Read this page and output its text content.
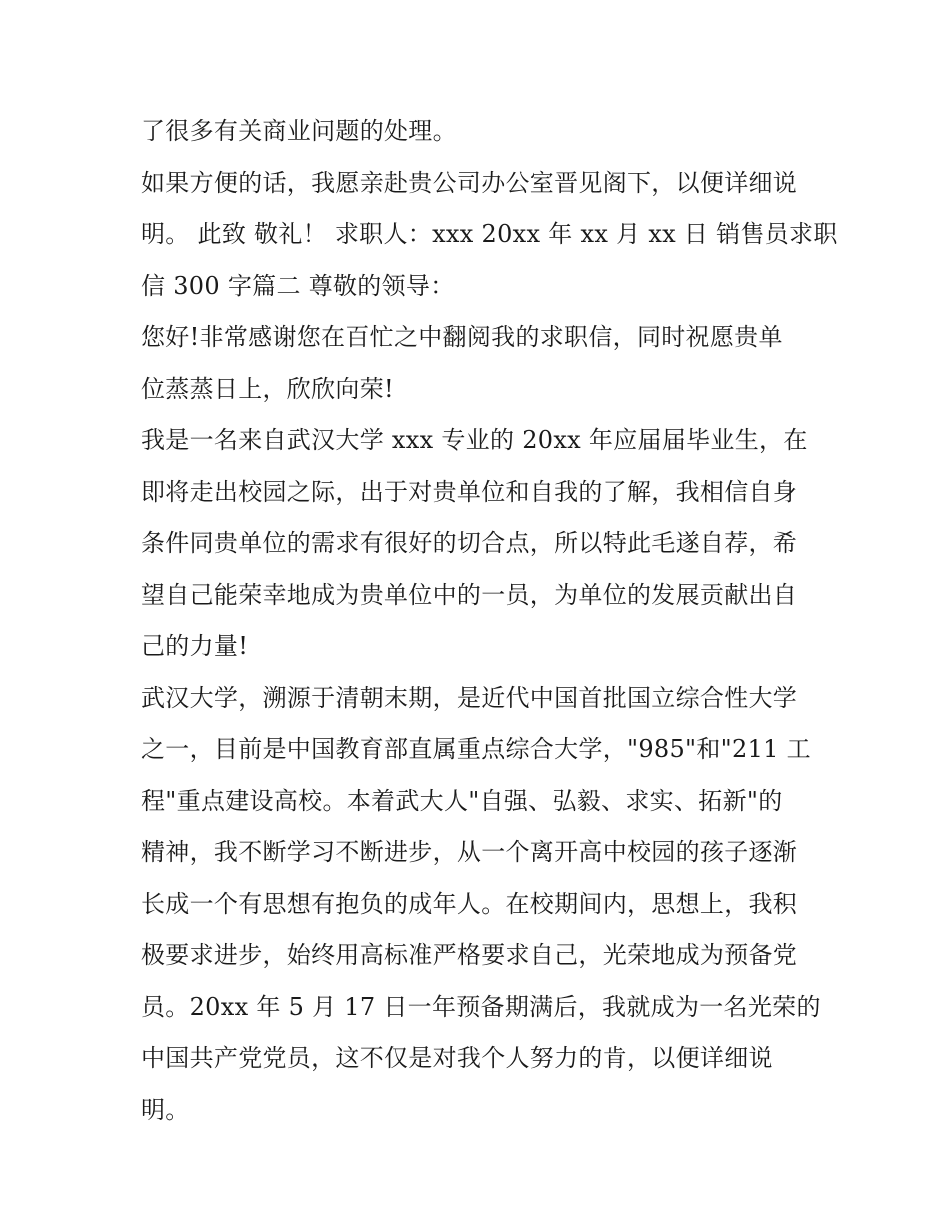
了很多有关商业问题的处理。
如果方便的话，我愿亲赴贵公司办公室晋见阁下，以便详细说
明。 此致 敬礼！ 求职人：xxx 20xx 年 xx 月 xx 日 销售员求职
信 300 字篇二 尊敬的领导：
您好!非常感谢您在百忙之中翻阅我的求职信，同时祝愿贵单
位蒸蒸日上，欣欣向荣!
我是一名来自武汉大学 xxx 专业的 20xx 年应届届毕业生，在
即将走出校园之际，出于对贵单位和自我的了解，我相信自身
条件同贵单位的需求有很好的切合点，所以特此毛遂自荐，希
望自己能荣幸地成为贵单位中的一员，为单位的发展贡献出自
己的力量!
武汉大学，溯源于清朝末期，是近代中国首批国立综合性大学
之一，目前是中国教育部直属重点综合大学，"985"和"211 工
程"重点建设高校。本着武大人"自强、弘毅、求实、拓新"的
精神，我不断学习不断进步，从一个离开高中校园的孩子逐渐
长成一个有思想有抱负的成年人。在校期间内，思想上，我积
极要求进步，始终用高标准严格要求自己，光荣地成为预备党
员。20xx 年 5 月 17 日一年预备期满后，我就成为一名光荣的
中国共产党党员，这不仅是对我个人努力的肯，以便详细说
明。
